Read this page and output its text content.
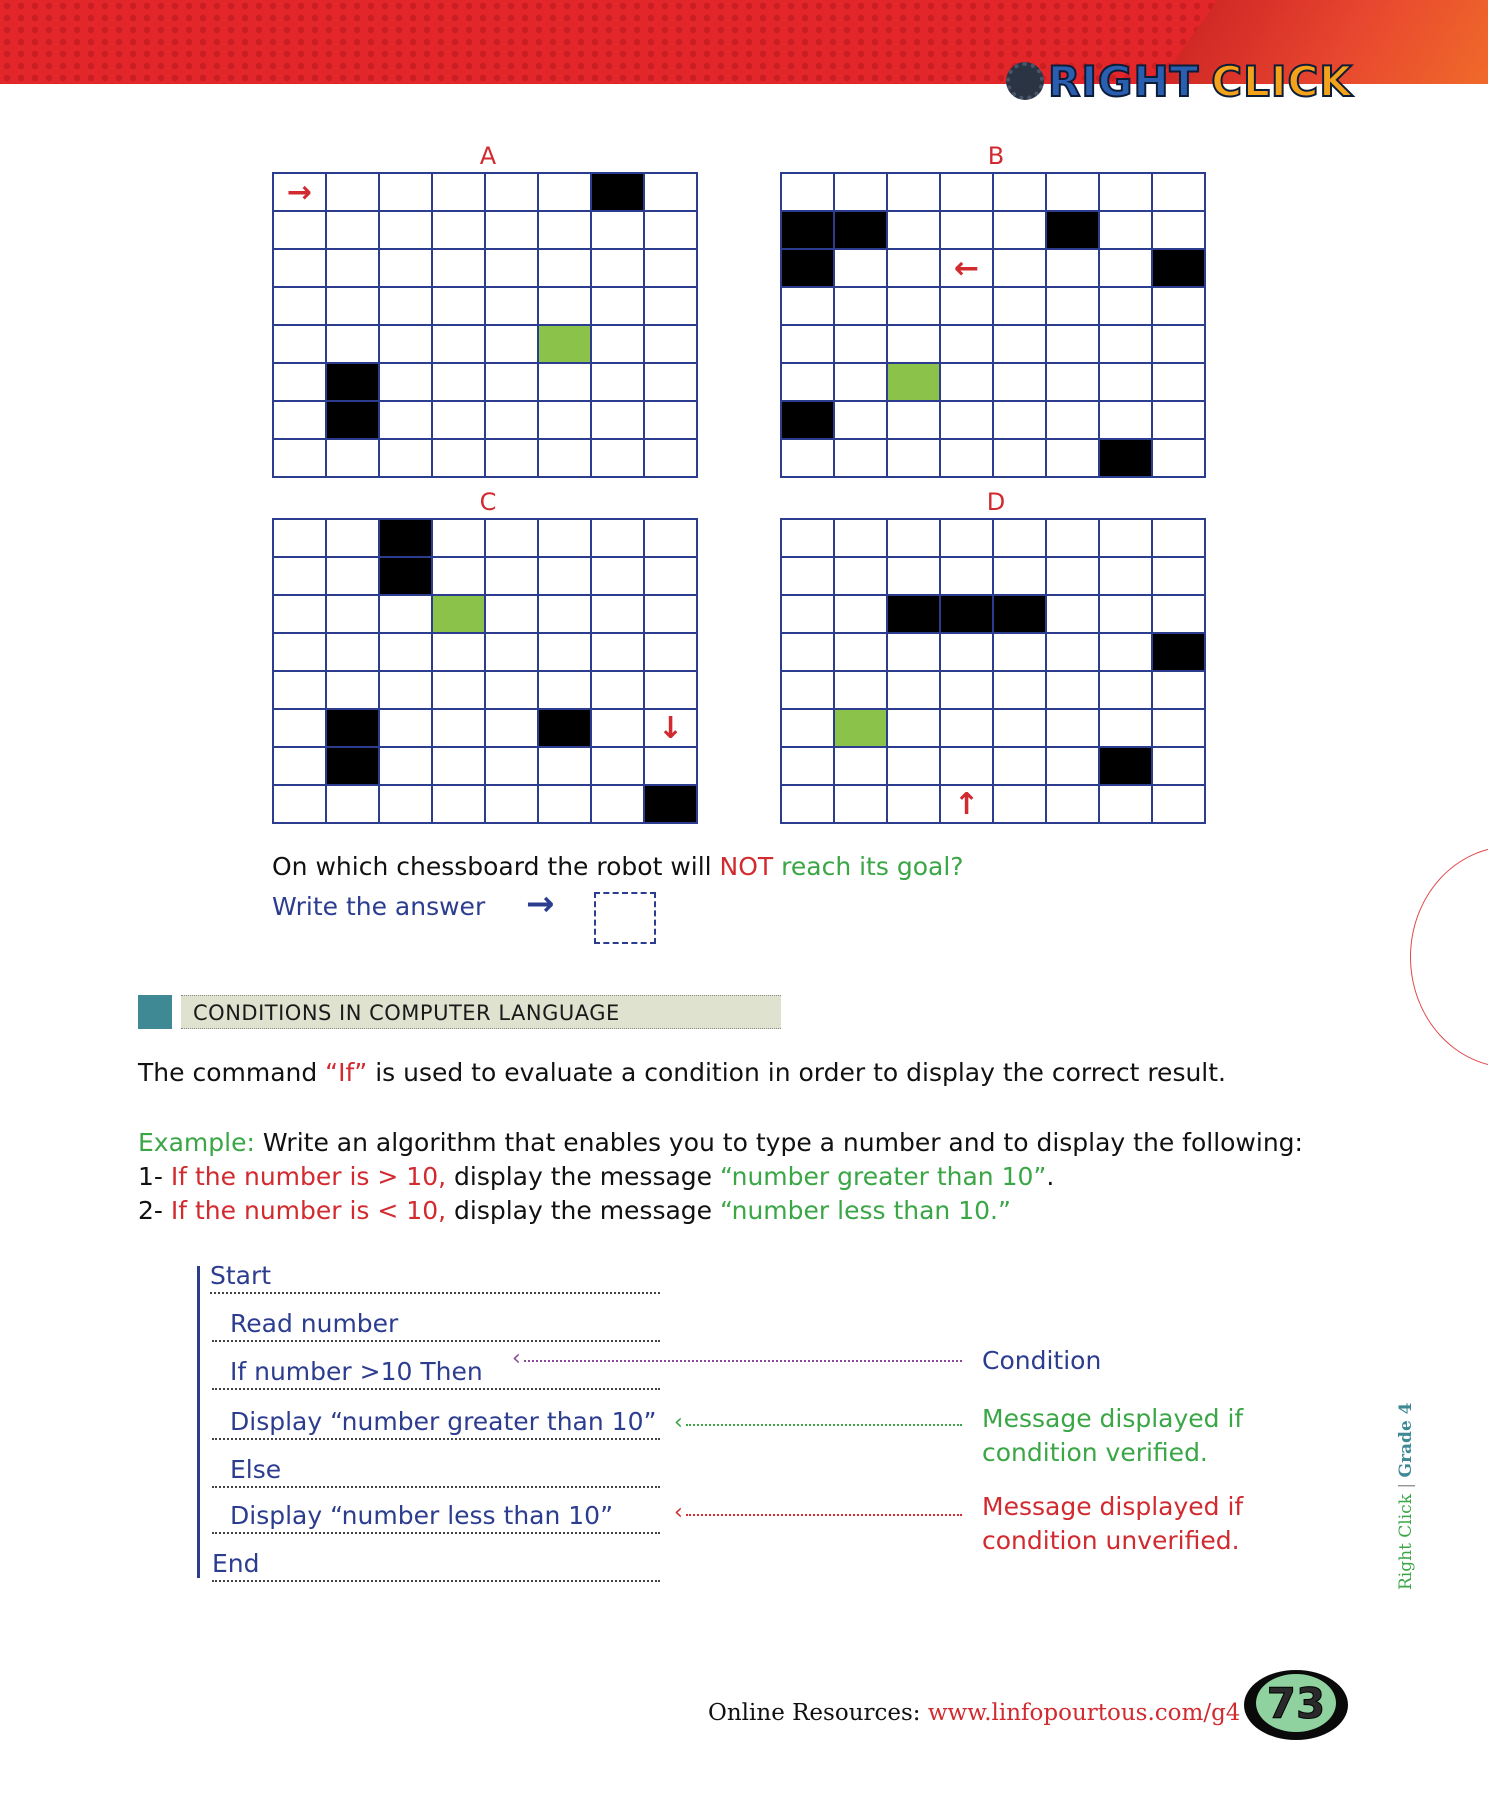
RIGHT CLICK
A
→
B
←
C
↓
D
↑
On which chessboard the robot will NOT reach its goal?
Write the answer →
CONDITIONS IN COMPUTER LANGUAGE
The command “If” is used to evaluate a condition in order to display the correct result.
Example: Write an algorithm that enables you to type a number and to display the following:
1- If the number is > 10, display the message “number greater than 10”.
2- If the number is < 10, display the message “number less than 10.”
Start
Read number
If number >10 Then
Display “number greater than 10”
Else
Display “number less than 10”
End
‹
‹
‹
Condition
Message displayed if
condition verified.
Message displayed if
condition unverified.
Online Resources: www.linfopourtous.com/g4 73
Right Click | Grade 4
